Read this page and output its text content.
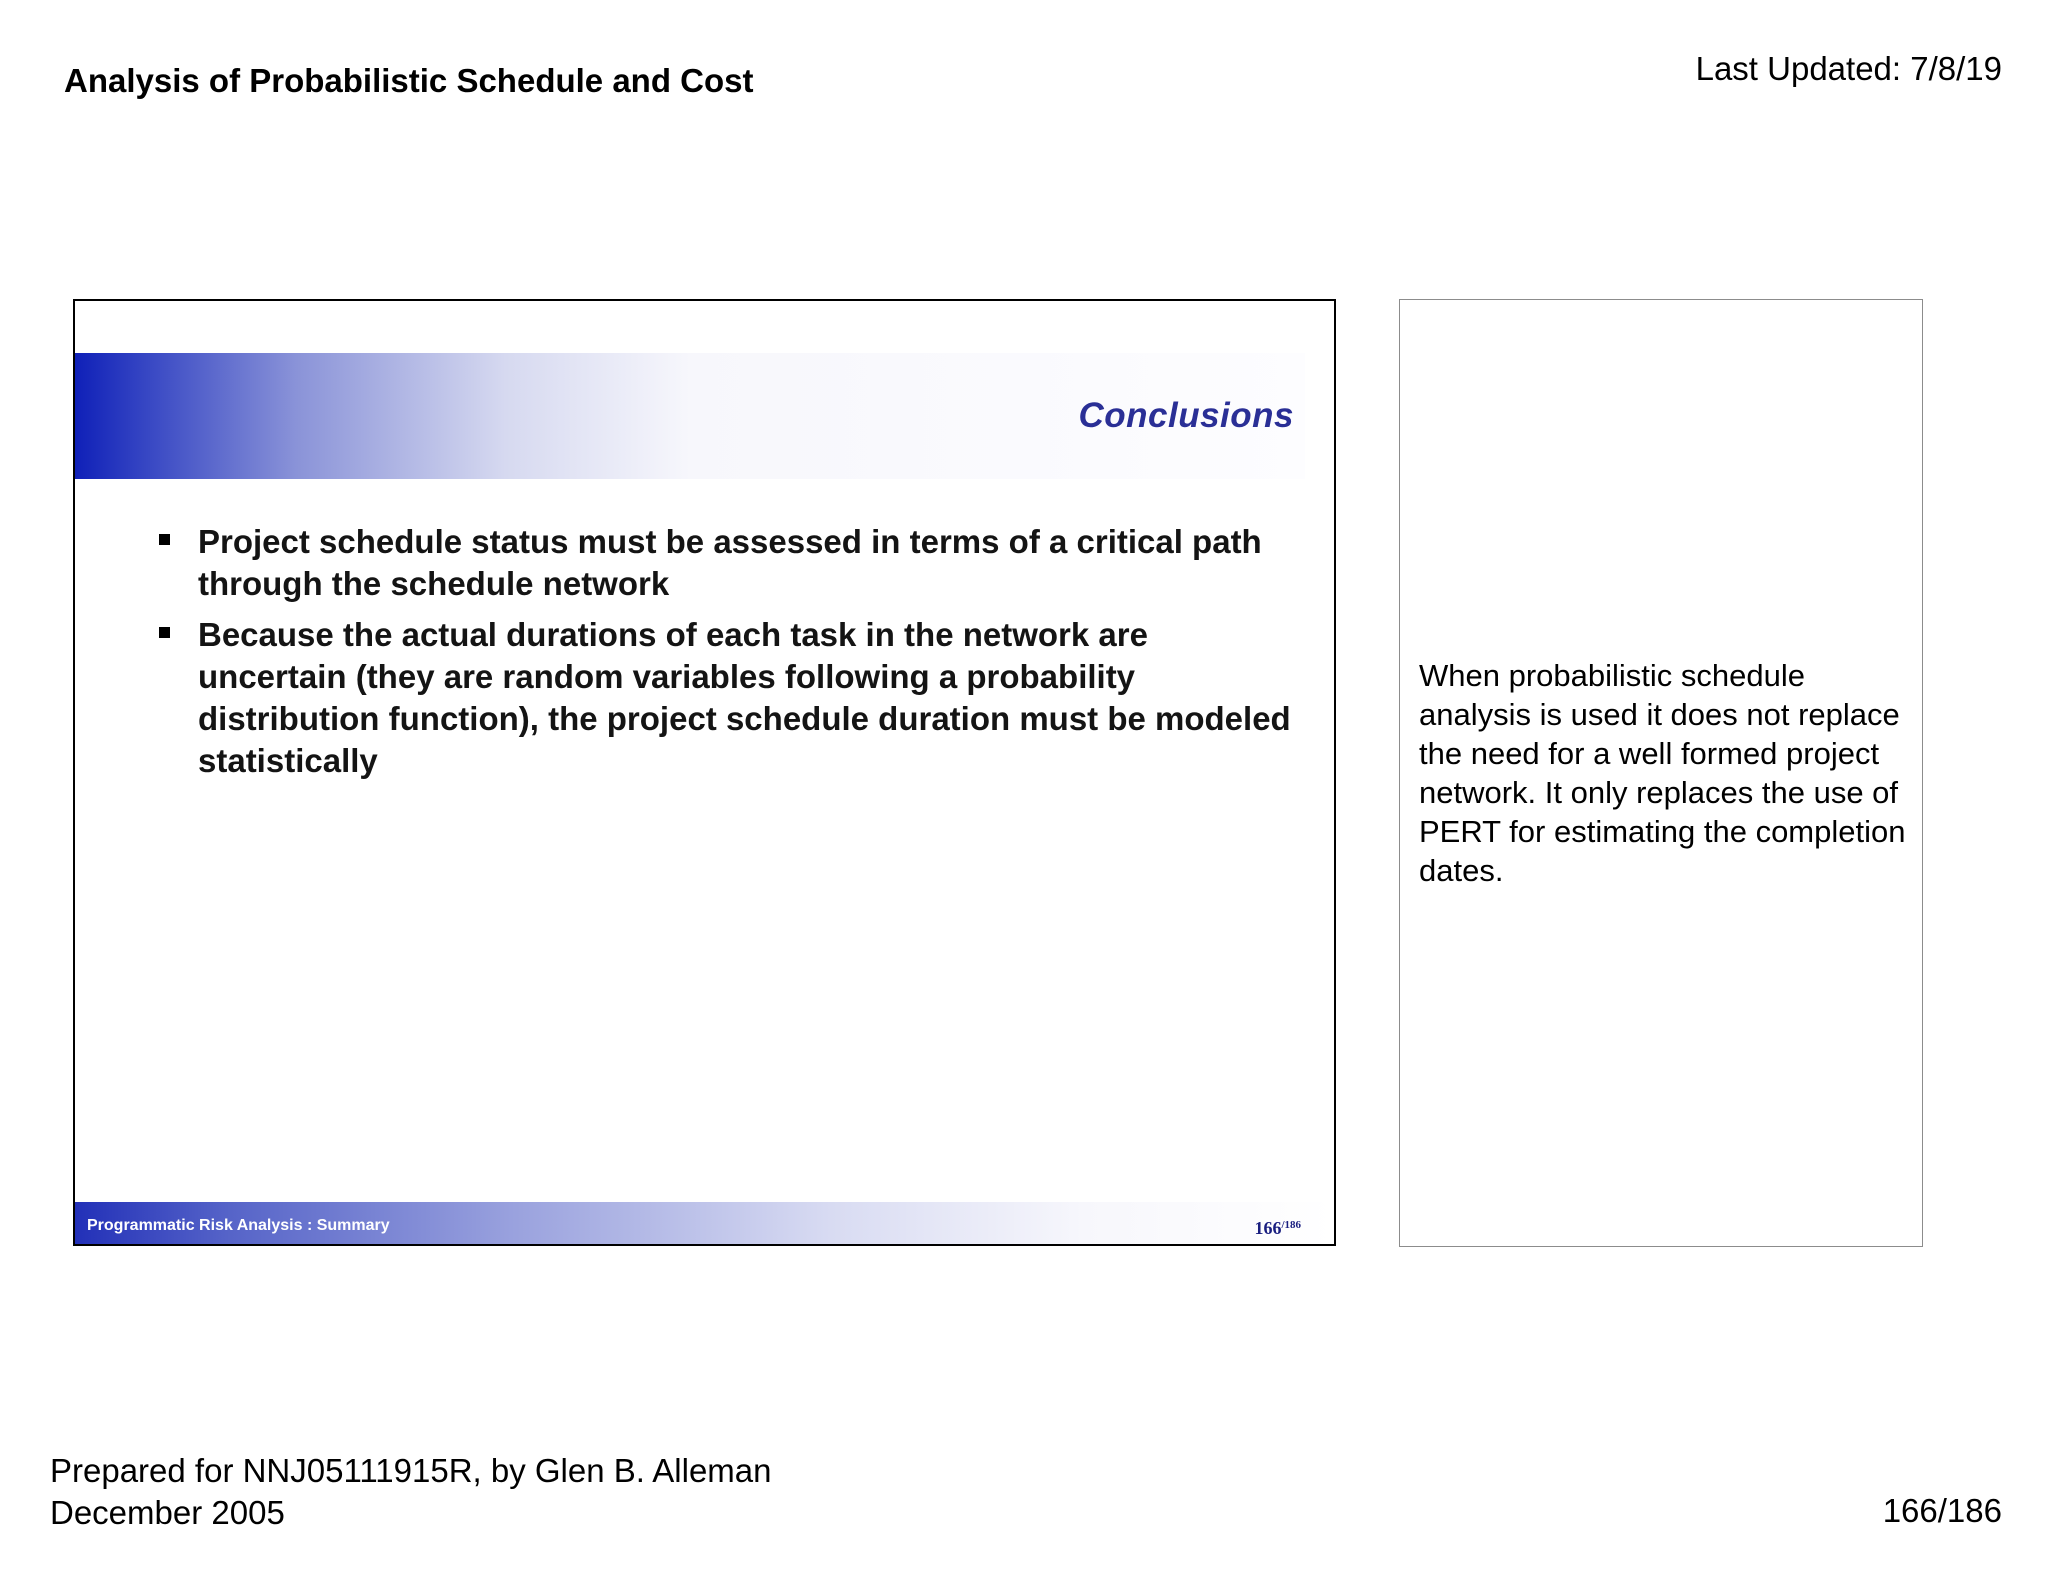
Analysis of Probabilistic Schedule and Cost	Last Updated: 7/8/19
Conclusions
Project schedule status must be assessed in terms of a critical path through the schedule network
Because the actual durations of each task in the network are uncertain (they are random variables following a probability distribution function), the project schedule duration must be modeled statistically
Programmatic Risk Analysis : Summary	$166^{/186}$

When probabilistic schedule analysis is used it does not replace the need for a well formed project network. It only replaces the use of PERT for estimating the completion dates.

Prepared for NNJ05111915R, by Glen B. Alleman
December 2005	166/186
